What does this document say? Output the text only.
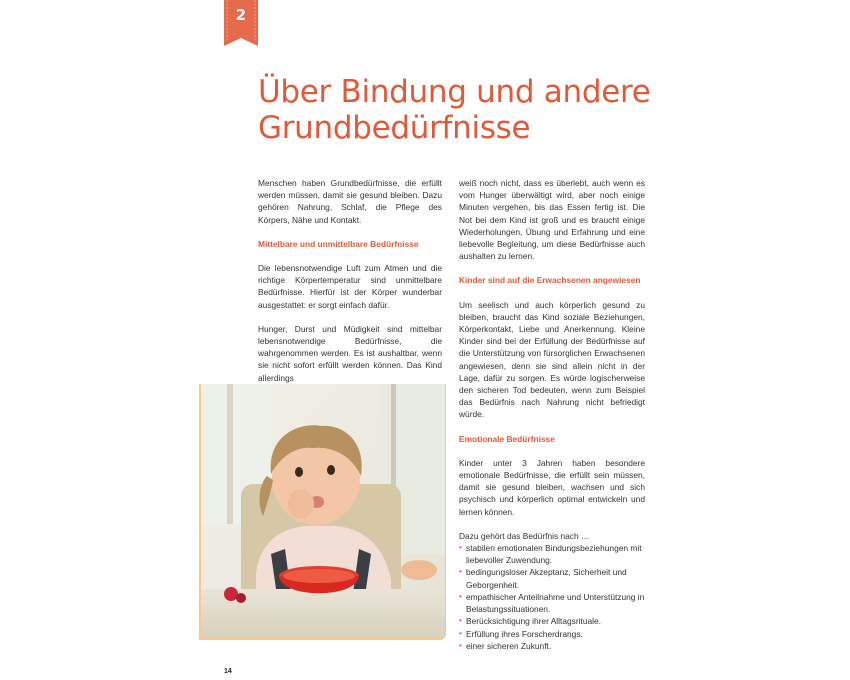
2
Über Bindung und andere
Grundbedürfnisse

Menschen haben Grundbedürfnisse, die erfüllt werden müssen, damit sie gesund bleiben. Dazu gehören Nahrung, Schlaf, die Pflege des Körpers, Nähe und Kontakt.

Mittelbare und unmittelbare Bedürfnisse

Die lebensnotwendige Luft zum Atmen und die richtige Körpertemperatur sind unmittelbare Bedürfnisse. Hierfür ist der Körper wunderbar ausgestattet: er sorgt einfach dafür.

Hunger, Durst und Müdigkeit sind mittelbar lebensnotwendige Bedürfnisse, die wahrgenommen werden. Es ist aushaltbar, wenn sie nicht sofort erfüllt werden können. Das Kind allerdings

weiß noch nicht, dass es überlebt, auch wenn es vom Hunger überwältigt wird, aber noch einige Minuten vergehen, bis das Essen fertig ist. Die Not bei dem Kind ist groß und es braucht einige Wiederholungen, Übung und Erfahrung und eine liebevolle Begleitung, um diese Bedürfnisse auch aushalten zu lernen.

Kinder sind auf die Erwachsenen angewiesen

Um seelisch und auch körperlich gesund zu bleiben, braucht das Kind soziale Beziehungen, Körperkontakt, Liebe und Anerkennung. Kleine Kinder sind bei der Erfüllung der Bedürfnisse auf die Unterstützung von fürsorglichen Erwachsenen angewiesen, denn sie sind allein nicht in der Lage, dafür zu sorgen. Es würde logischerweise den sicheren Tod bedeuten, wenn zum Beispiel das Bedürfnis nach Nahrung nicht befriedigt würde.

Emotionale Bedürfnisse

Kinder unter 3 Jahren haben besondere emotionale Bedürfnisse, die erfüllt sein müssen, damit sie gesund bleiben, wachsen und sich psychisch und körperlich optimal entwickeln und lernen können.

Dazu gehört das Bedürfnis nach …

• stabilen emotionalen Bindungsbeziehungen mit liebevoller Zuwendung.
• bedingungsloser Akzeptanz, Sicherheit und Geborgenheit.
• empathischer Anteilnahme und Unterstützung in Belastungssituationen.
• Berücksichtigung ihrer Alltagsrituale.
• Erfüllung ihres Forscherdrangs.
• einer sicheren Zukunft.
14
